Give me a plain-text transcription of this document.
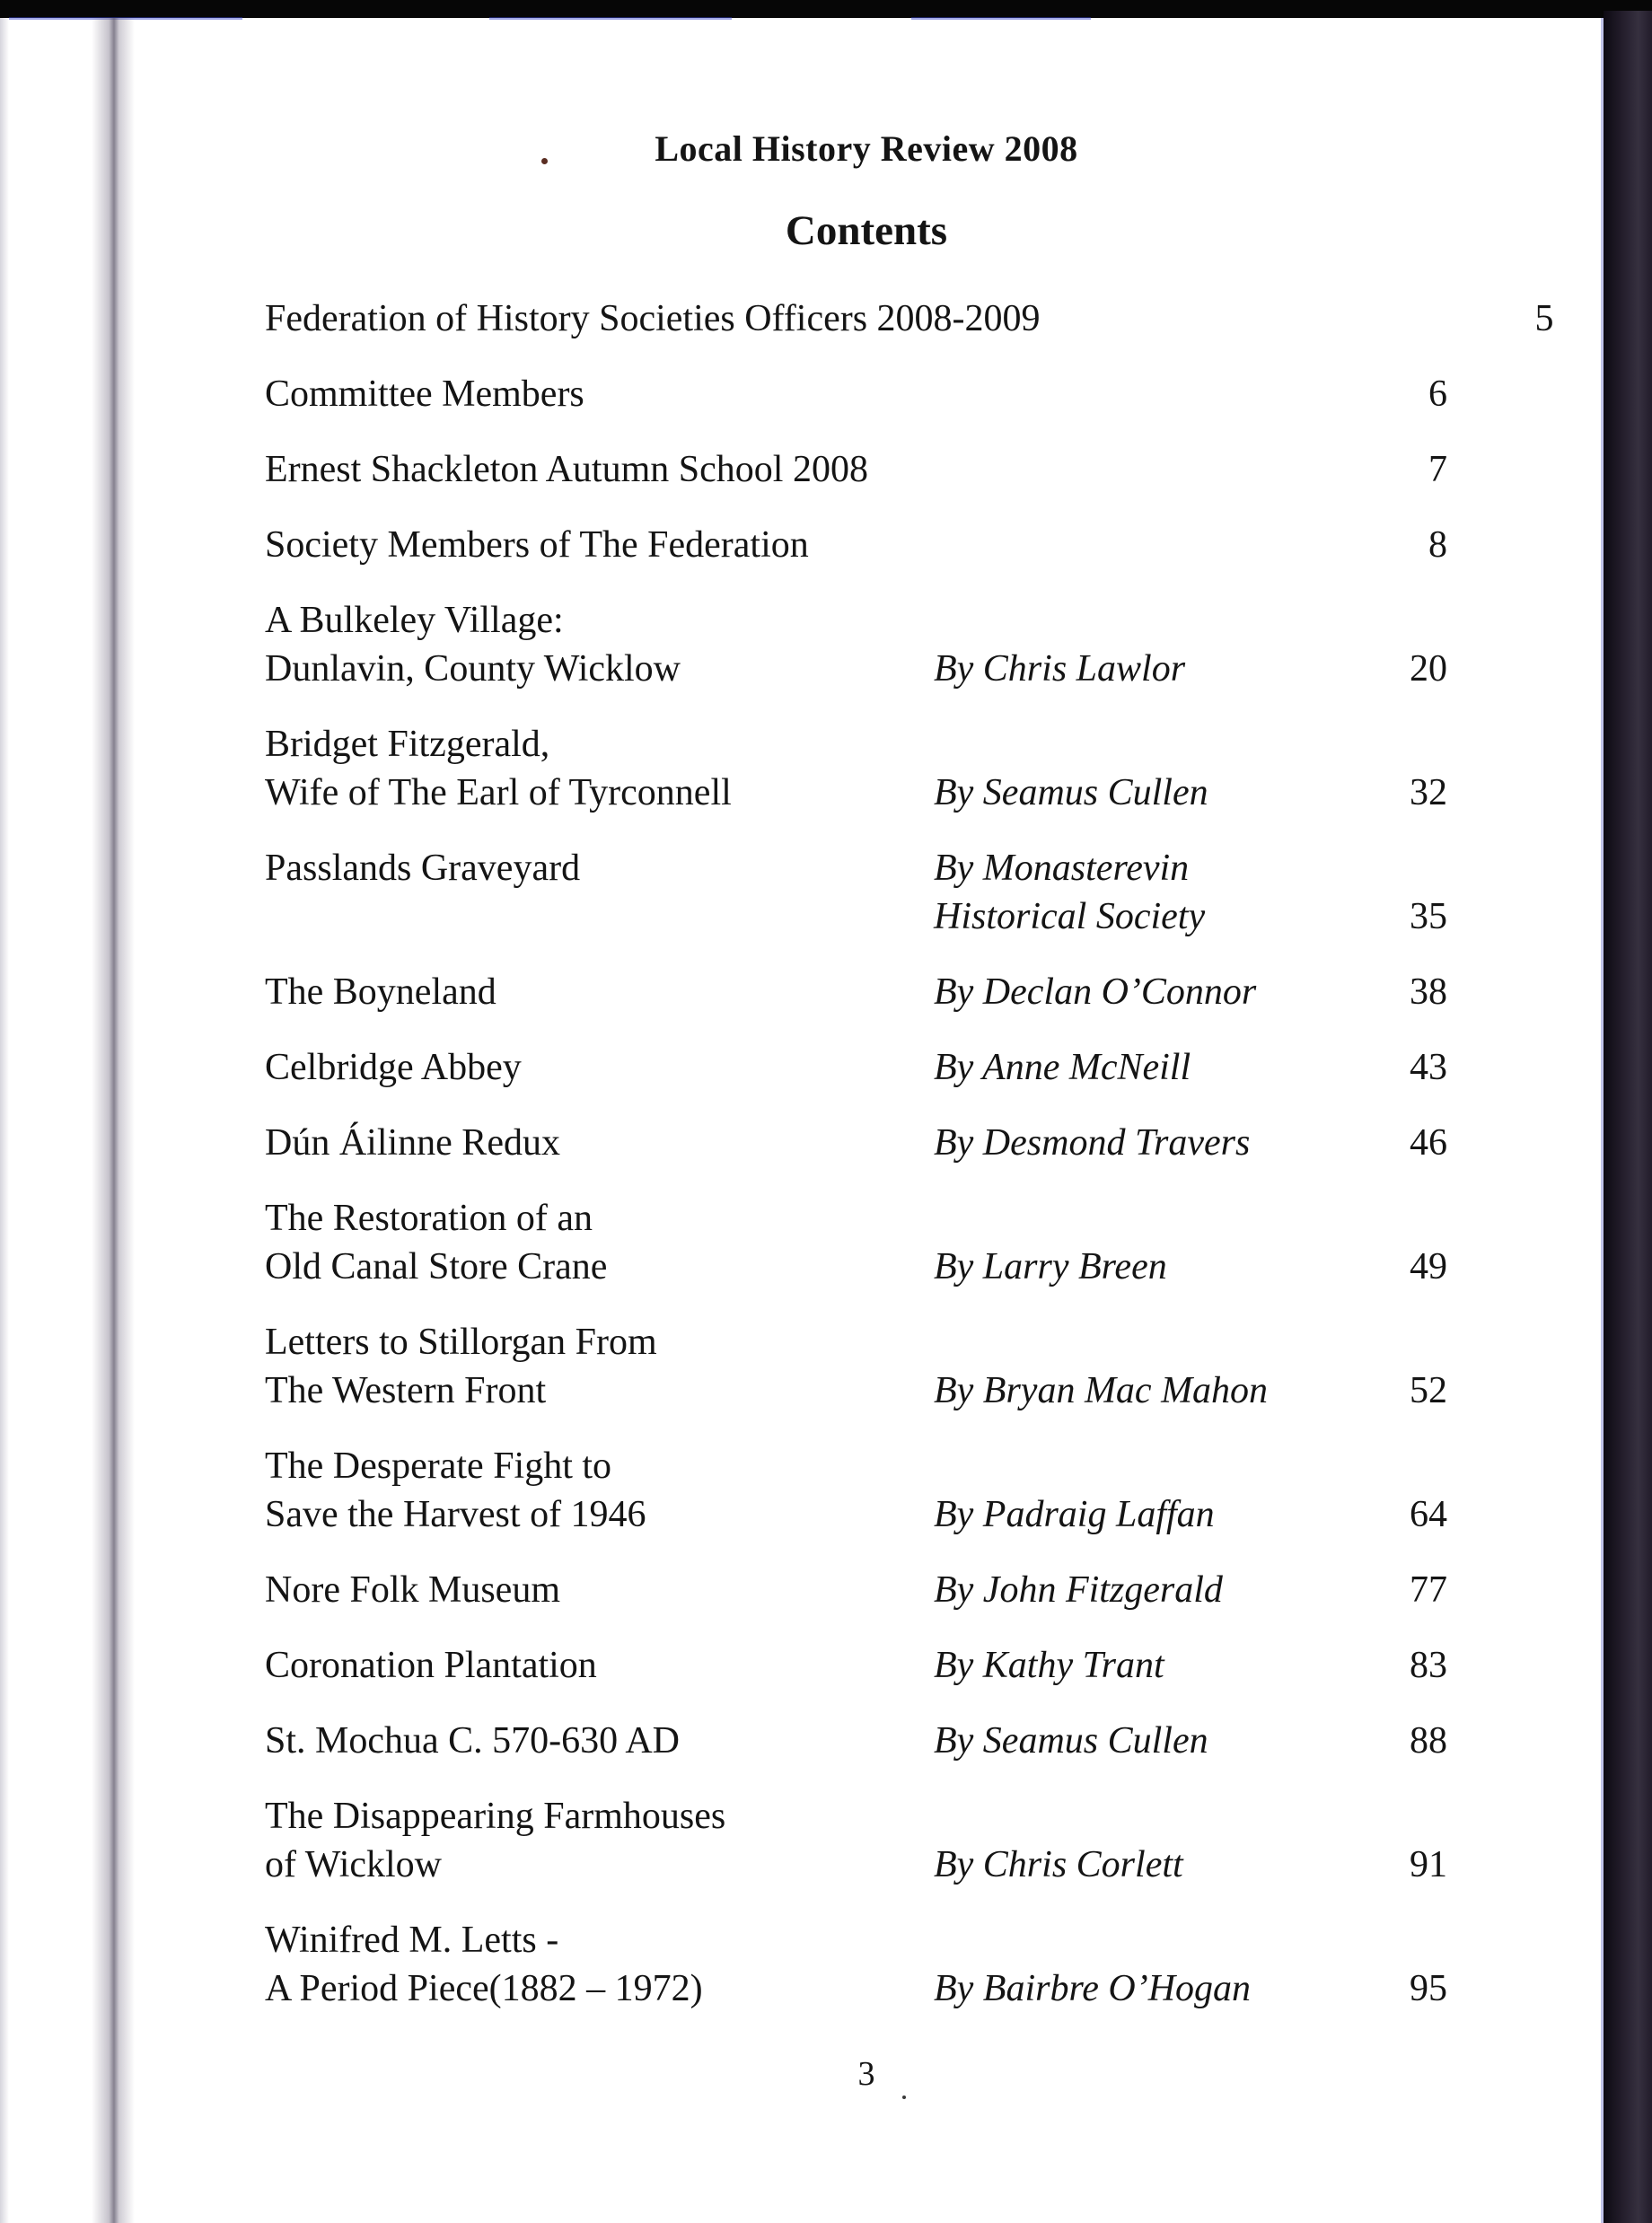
Local History Review 2008
Contents
Federation of History Societies Officers 2008-2009	5
Committee Members	6
Ernest Shackleton Autumn School 2008	7
Society Members of The Federation	8
A Bulkeley Village:
Dunlavin, County Wicklow	By Chris Lawlor	20
Bridget Fitzgerald,
Wife of The Earl of Tyrconnell	By Seamus Cullen	32
Passlands Graveyard	By Monasterevin
Historical Society	35
The Boyneland	By Declan O’Connor	38
Celbridge Abbey	By Anne McNeill	43
Dún Áilinne Redux	By Desmond Travers	46
The Restoration of an
Old Canal Store Crane	By Larry Breen	49
Letters to Stillorgan From
The Western Front	By Bryan Mac Mahon	52
The Desperate Fight to
Save the Harvest of 1946	By Padraig Laffan	64
Nore Folk Museum	By John Fitzgerald	77
Coronation Plantation	By Kathy Trant	83
St. Mochua C. 570-630 AD	By Seamus Cullen	88
The Disappearing Farmhouses
of Wicklow	By Chris Corlett	91
Winifred M. Letts -
A Period Piece(1882 – 1972)	By Bairbre O’Hogan	95
3
